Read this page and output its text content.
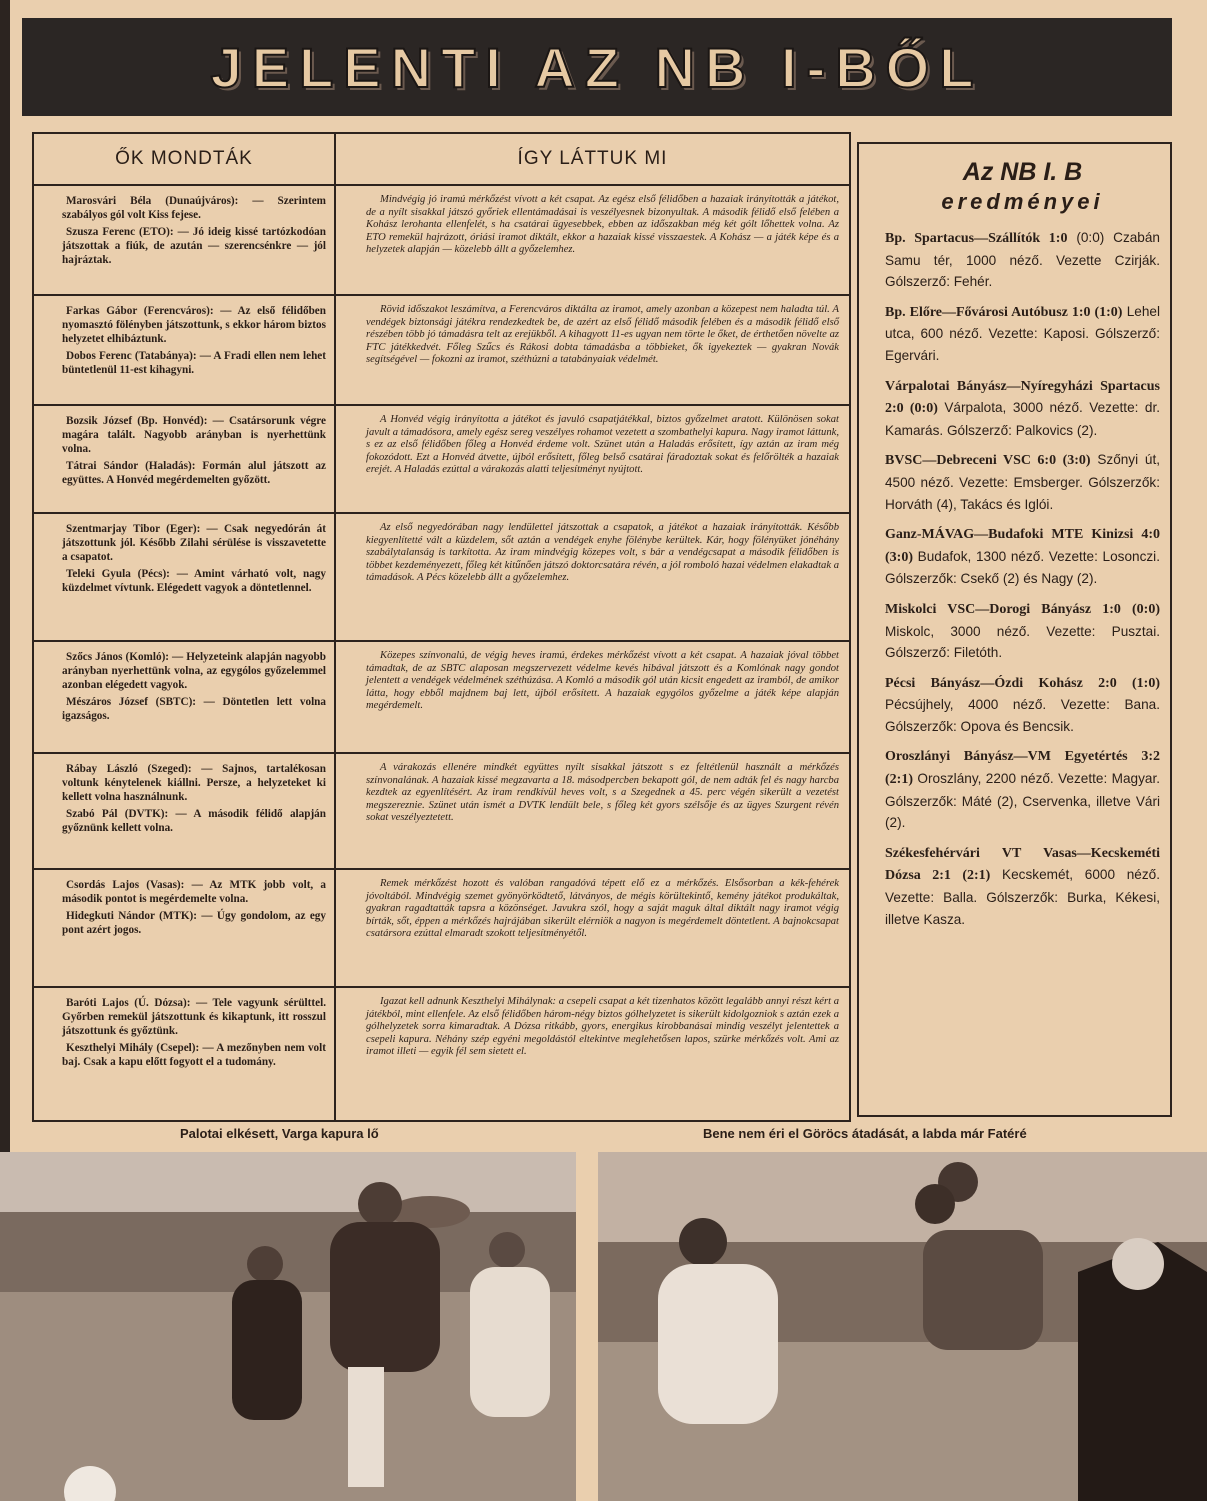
JELENTI AZ NB I-BŐL
ŐK MONDTÁK

Marosvári Béla (Dunaújváros): — Szerintem szabályos gól volt Kiss fejese.

Szusza Ferenc (ETO): — Jó ideig kissé tartózkodóan játszottak a fiúk, de azután — szerencsénkre — jól hajráztak.

Farkas Gábor (Ferencváros): — Az első félidőben nyomasztó fölényben játszottunk, s ekkor három biztos helyzetet elhibáztunk.

Dobos Ferenc (Tatabánya): — A Fradi ellen nem lehet büntetlenül 11-est kihagyni.

Bozsik József (Bp. Honvéd): — Csatársorunk végre magára talált. Nagyobb arányban is nyerhettünk volna.

Tátrai Sándor (Haladás): Formán alul játszott az együttes. A Honvéd megérdemelten győzött.

Szentmarjay Tibor (Eger): — Csak negyedórán át játszottunk jól. Később Zilahi sérülése is visszavetette a csapatot.

Teleki Gyula (Pécs): — Amint várható volt, nagy küzdelmet vívtunk. Elégedett vagyok a döntetlennel.

Szőcs János (Komló): — Helyzeteink alapján nagyobb arányban nyerhettünk volna, az egygólos győzelemmel azonban elégedett vagyok.

Mészáros József (SBTC): — Döntetlen lett volna igazságos.

Rábay László (Szeged): — Sajnos, tartalékosan voltunk kénytelenek kiállni. Persze, a helyzeteket ki kellett volna használnunk.

Szabó Pál (DVTK): — A második félidő alapján győznünk kellett volna.

Csordás Lajos (Vasas): — Az MTK jobb volt, a második pontot is megérdemelte volna.

Hidegkuti Nándor (MTK): — Úgy gondolom, az egy pont azért jogos.

Baróti Lajos (Ú. Dózsa): — Tele vagyunk sérülttel. Győrben remekül játszottunk és kikaptunk, itt rosszul játszottunk és győztünk.

Keszthelyi Mihály (Csepel): — A mezőnyben nem volt baj. Csak a kapu előtt fogyott el a tudomány.

ÍGY LÁTTUK MI

Mindvégig jó iramú mérkőzést vívott a két csapat. Az egész első félidőben a hazaiak irányították a játékot, de a nyílt sisakkal játszó győriek ellentámadásai is veszélyesnek bizonyultak. A második félidő első felében a Kohász lerohanta ellenfelét, s ha csatárai ügyesebbek, ebben az időszakban még két gólt lőhettek volna. Az ETO remekül hajrázott, óriási iramot diktált, ekkor a hazaiak kissé visszaestek. A Kohász — a játék képe és a helyzetek alapján — közelebb állt a győzelemhez.

Rövid időszakot leszámítva, a Ferencváros diktálta az iramot, amely azonban a közepest nem haladta túl. A vendégek biztonsági játékra rendezkedtek be, de azért az első félidő második felében és a második félidő első részében több jó támadásra telt az erejükből. A kihagyott 11-es ugyan nem törte le őket, de érthetően növelte az FTC játékkedvét. Főleg Szűcs és Rákosi dobta támadásba a többieket, ők igyekeztek — gyakran Novák segítségével — fokozni az iramot, széthúzni a tatabányaiak védelmét.

A Honvéd végig irányította a játékot és javuló csapatjátékkal, biztos győzelmet aratott. Különösen sokat javult a támadósora, amely egész sereg veszélyes rohamot vezetett a szombathelyi kapura. Nagy iramot láttunk, s ez az első félidőben főleg a Honvéd érdeme volt. Szünet után a Haladás erősített, így aztán az iram még fokozódott. Ezt a Honvéd átvette, újból erősített, főleg belső csatárai fáradoztak sokat és felőrölték a hazaiak erejét. A Haladás ezúttal a várakozás alatti teljesítményt nyújtott.

Az első negyedórában nagy lendülettel játszottak a csapatok, a játékot a hazaiak irányították. Később kiegyenlítetté vált a küzdelem, sőt aztán a vendégek enyhe fölénybe kerültek. Kár, hogy fölényüket jónéhány szabálytalanság is tarkította. Az iram mindvégig közepes volt, s bár a vendégcsapat a második félidőben is többet kezdeményezett, főleg két kitűnően játszó doktorcsatára révén, a jól romboló hazai védelmen elakadtak a támadások. A Pécs közelebb állt a győzelemhez.

Közepes színvonalú, de végig heves iramú, érdekes mérkőzést vívott a két csapat. A hazaiak jóval többet támadtak, de az SBTC alaposan megszervezett védelme kevés hibával játszott és a Komlónak nagy gondot jelentett a vendégek védelmének széthúzása. A Komló a második gól után kicsit engedett az iramból, de amikor látta, hogy ebből majdnem baj lett, újból erősített. A hazaiak egygólos győzelme a játék képe alapján megérdemelt.

A várakozás ellenére mindkét együttes nyílt sisakkal játszott s ez feltétlenül használt a mérkőzés színvonalának. A hazaiak kissé megzavarta a 18. másodpercben bekapott gól, de nem adták fel és nagy harcba kezdtek az egyenlítésért. Az iram rendkívül heves volt, s a Szegednek a 45. perc végén sikerült a vezetést megszereznie. Szünet után ismét a DVTK lendült bele, s főleg két gyors szélsője és az ügyes Szurgent révén sokat veszélyeztetett.

Remek mérkőzést hozott és valóban rangadóvá tépett elő ez a mérkőzés. Elsősorban a kék-fehérek jóvoltából. Mindvégig szemet gyönyörködtető, látványos, de mégis körültekintő, kemény játékot produkáltak, gyakran ragadtatták tapsra a közönséget. Javukra szól, hogy a saját maguk által diktált nagy iramot végig bírták, sőt, éppen a mérkőzés hajrájában sikerült elérniök a nagyon is megérdemelt döntetlent. A bajnokcsapat csatársora ezúttal elmaradt szokott teljesítményétől.

Igazat kell adnunk Keszthelyi Mihálynak: a csepeli csapat a két tizenhatos között legalább annyi részt kért a játékból, mint ellenfele. Az első félidőben három-négy biztos gólhelyzetet is sikerült kidolgozniok s aztán ezek a gólhelyzetek sorra kimaradtak. A Dózsa ritkább, gyors, energikus kirobbanásai mindig veszélyt jelentettek a csepeli kapura. Néhány szép egyéni megoldástól eltekintve meglehetősen lapos, szürke mérkőzés volt. Ami az iramot illeti — egyik fél sem sietett el.

Az NB I. B
eredményei
Bp. Spartacus—Szállítók 1:0 (0:0) Czabán Samu tér, 1000 néző. Vezette Czirják. Gólszerző: Fehér.
Bp. Előre—Fővárosi Autóbusz 1:0 (1:0) Lehel utca, 600 néző. Vezette: Kaposi. Gólszerző: Egervári.
Várpalotai Bányász—Nyíregyházi Spartacus 2:0 (0:0) Várpalota, 3000 néző. Vezette: dr. Kamarás. Gólszerző: Palkovics (2).
BVSC—Debreceni VSC 6:0 (3:0) Szőnyi út, 4500 néző. Vezette: Emsberger. Gólszerzők: Horváth (4), Takács és Iglói.
Ganz-MÁVAG—Budafoki MTE Kinizsi 4:0 (3:0) Budafok, 1300 néző. Vezette: Losonczi. Gólszerzők: Csekő (2) és Nagy (2).
Miskolci VSC—Dorogi Bányász 1:0 (0:0) Miskolc, 3000 néző. Vezette: Pusztai. Gólszerző: Filetóth.
Pécsi Bányász—Ózdi Kohász 2:0 (1:0) Pécsújhely, 4000 néző. Vezette: Bana. Gólszerzők: Opova és Bencsik.
Oroszlányi Bányász—VM Egyetértés 3:2 (2:1) Oroszlány, 2200 néző. Vezette: Magyar. Gólszerzők: Máté (2), Cservenka, illetve Vári (2).
Székesfehérvári VT Vasas—Kecskeméti Dózsa 2:1 (2:1) Kecskemét, 6000 néző. Vezette: Balla. Gólszerzők: Burka, Kékesi, illetve Kasza.
Palotai elkésett, Varga kapura lő	Bene nem éri el Göröcs átadását, a labda már Fatéré
